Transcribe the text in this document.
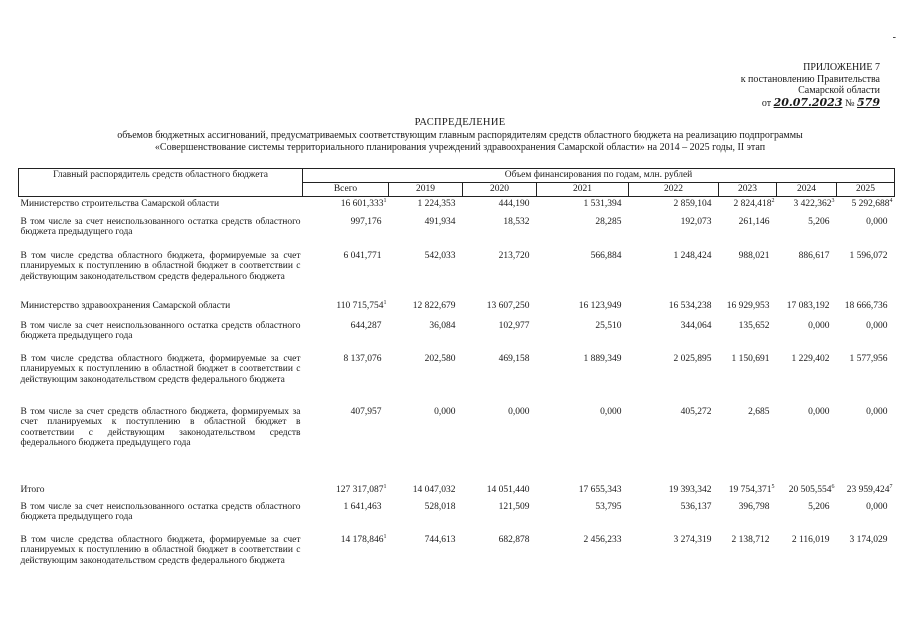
-
ПРИЛОЖЕНИЕ 7
к постановлению Правительства
Самарской области
от 20.07.2023 № 579
РАСПРЕДЕЛЕНИЕ
объемов бюджетных ассигнований, предусматриваемых соответствующим главным распорядителям средств областного бюджета на реализацию подпрограммы
«Совершенствование системы территориального планирования учреждений здравоохранения Самарской области» на 2014 – 2025 годы, II этап
Главный распорядитель средств областного бюджета	Объем финансирования по годам, млн. рублей							
	Всего	2019	2020	2021	2022	2023	2024	2025
Министерство строительства Самарской области	16 601,333$^1$	1 224,353	444,190	1 531,394	2 859,104	2 824,418$^2$	3 422,362$^3$	5 292,688$^4$
В том числе за счет неиспользованного остатка средств областного бюджета предыдущего года	997,176	491,934	18,532	28,285	192,073	261,146	5,206	0,000
В том числе средства областного бюджета, формируемые за счет планируемых к поступлению в областной бюджет в соответствии с действующим законодательством средств федерального бюджета	6 041,771	542,033	213,720	566,884	1 248,424	988,021	886,617	1 596,072
Министерство здравоохранения Самарской области	110 715,754$^1$	12 822,679	13 607,250	16 123,949	16 534,238	16 929,953	17 083,192	18 666,736
В том числе за счет неиспользованного остатка средств областного бюджета предыдущего года	644,287	36,084	102,977	25,510	344,064	135,652	0,000	0,000
В том числе средства областного бюджета, формируемые за счет планируемых к поступлению в областной бюджет в соответствии с действующим законодательством средств федерального бюджета	8 137,076	202,580	469,158	1 889,349	2 025,895	1 150,691	1 229,402	1 577,956
В том числе за счет средств областного бюджета, формируемых за счет планируемых к поступлению в областной бюджет в соответствии с действующим законодательством средств федерального бюджета предыдущего года	407,957	0,000	0,000	0,000	405,272	2,685	0,000	0,000
Итого	127 317,087$^1$	14 047,032	14 051,440	17 655,343	19 393,342	19 754,371$^5$	20 505,554$^6$	23 959,424$^7$
В том числе за счет неиспользованного остатка средств областного бюджета предыдущего года	1 641,463	528,018	121,509	53,795	536,137	396,798	5,206	0,000
В том числе средства областного бюджета, формируемые за счет планируемых к поступлению в областной бюджет в соответствии с действующим законодательством средств федерального бюджета	14 178,846$^1$	744,613	682,878	2 456,233	3 274,319	2 138,712	2 116,019	3 174,029
